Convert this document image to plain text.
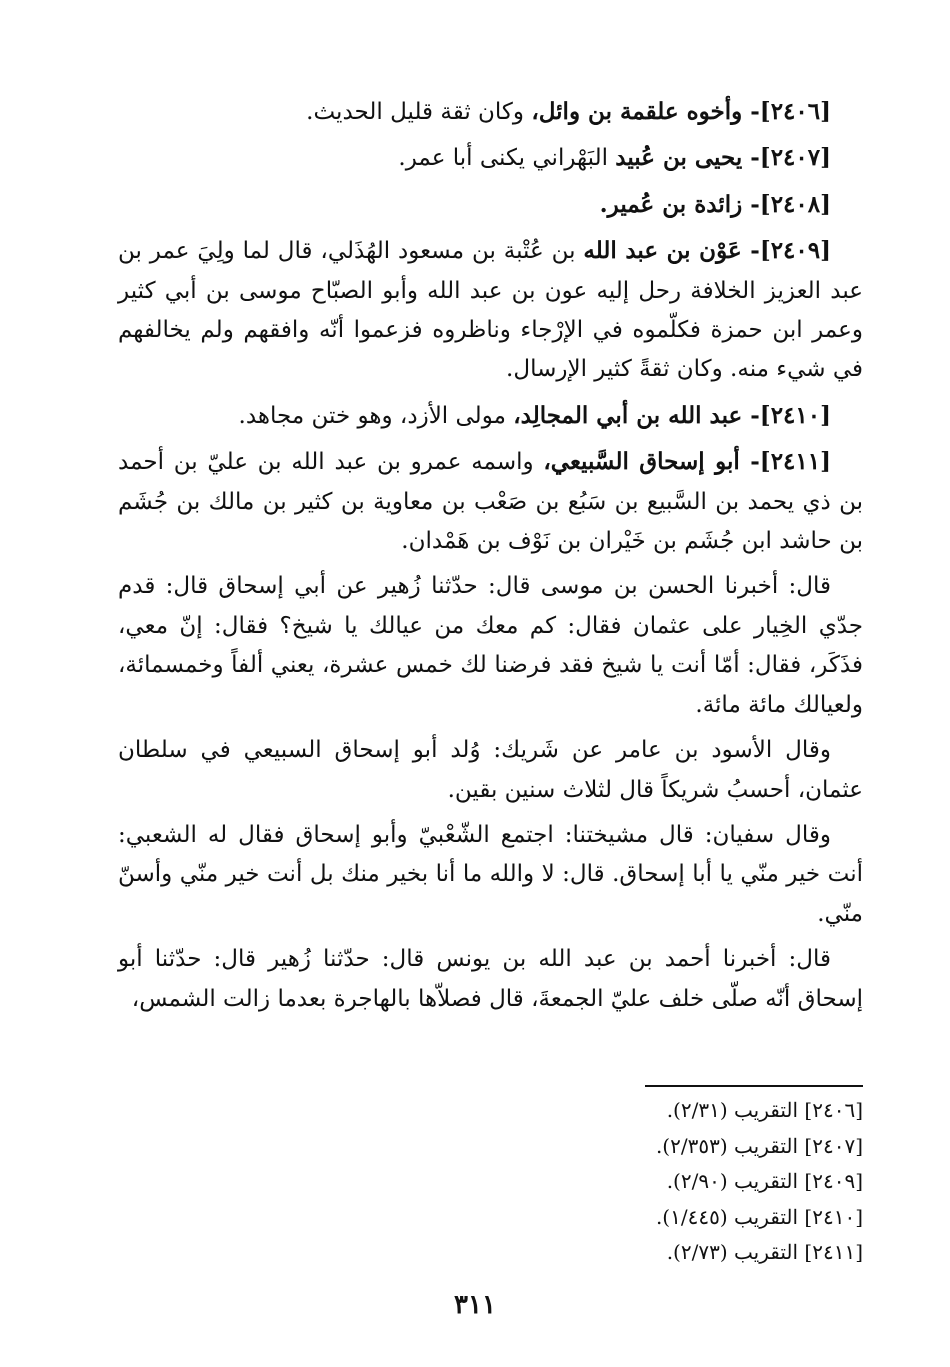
[٢٤٠٦]- وأخوه علقمة بن وائل، وكان ثقة قليل الحديث.

[٢٤٠٧]- يحيى بن عُبيد البَهْراني يكنى أبا عمر.

[٢٤٠٨]- زائدة بن عُمير.

[٢٤٠٩]- عَوْن بن عبد الله بن عُتْبة بن مسعود الهُذَلي، قال لما ولِيَ عمر بن عبد العزيز الخلافة رحل إليه عون بن عبد الله وأبو الصبّاح موسى بن أبي كثير وعمر ابن حمزة فكلّموه في الإرْجاء وناظروه فزعموا أنّه وافقهم ولم يخالفهم في شيء منه. وكان ثقةً كثير الإرسال.

[٢٤١٠]- عبد الله بن أبي المجالِد، مولى الأزد، وهو ختن مجاهد.

[٢٤١١]- أبو إسحاق السَّبيعي، واسمه عمرو بن عبد الله بن عليّ بن أحمد بن ذي يحمد بن السَّبيع بن سَبُع بن صَعْب بن معاوية بن كثير بن مالك بن جُشَم بن حاشد ابن جُشَم بن خَيْران بن نَوْف بن هَمْدان.

قال: أخبرنا الحسن بن موسى قال: حدّثنا زُهير عن أبي إسحاق قال: قدم جدّي الخِيار على عثمان فقال: كم معك من عيالك يا شيخ؟ فقال: إنّ معي، فذَكَر، فقال: أمّا أنت يا شيخ فقد فرضنا لك خمس عشرة، يعني ألفاً وخمسمائة، ولعيالك مائة مائة.

وقال الأسود بن عامر عن شَريك: وُلد أبو إسحاق السبيعي في سلطان عثمان، أحسبُ شريكاً قال لثلاث سنين بقين.

وقال سفيان: قال مشيختنا: اجتمع الشّعْبيّ وأبو إسحاق فقال له الشعبي: أنت خير منّي يا أبا إسحاق. قال: لا والله ما أنا بخير منك بل أنت خير منّي وأسنّ منّي.

قال: أخبرنا أحمد بن عبد الله بن يونس قال: حدّثنا زُهير قال: حدّثنا أبو إسحاق أنّه صلّى خلف عليّ الجمعةَ، قال فصلاّها بالهاجرة بعدما زالت الشمس،

[٢٤٠٦] التقريب (٢/٣١).
[٢٤٠٧] التقريب (٢/٣٥٣).
[٢٤٠٩] التقريب (٢/٩٠).
[٢٤١٠] التقريب (١/٤٤٥).
[٢٤١١] التقريب (٢/٧٣).
٣١١
